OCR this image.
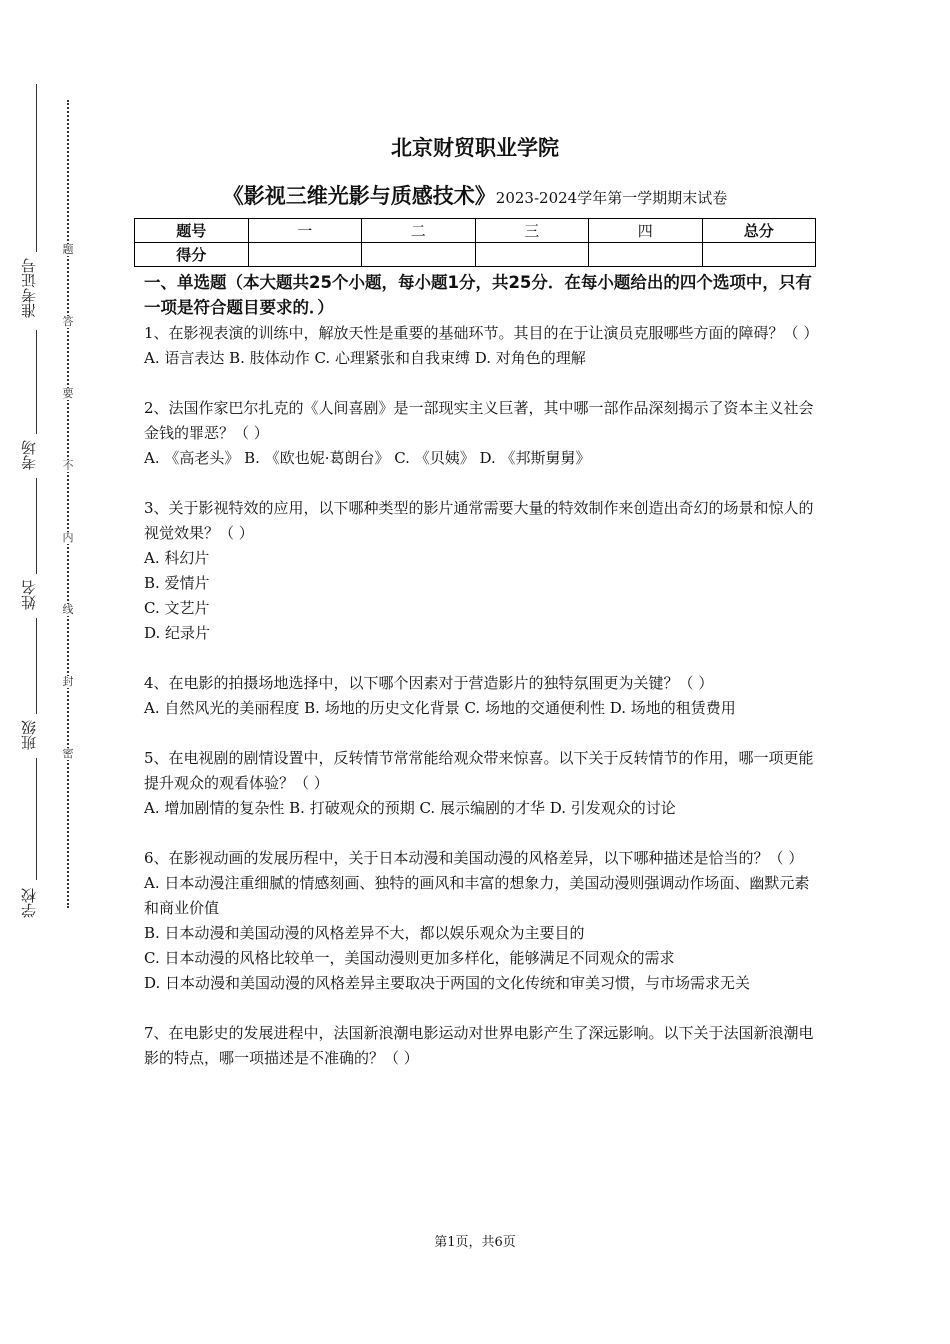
准考证号
考场
姓名
班级
学校
题
答
要
不
内
线
封
密
北京财贸职业学院
《影视三维光影与质感技术》2023-2024学年第一学期期末试卷
题号	一	二	三	四	总分
得分					
一、单选题（本大题共25个小题，每小题1分，共25分．在每小题给出的四个选项中，只有一项是符合题目要求的．）

1、在影视表演的训练中，解放天性是重要的基础环节。其目的在于让演员克服哪些方面的障碍？（ ）

A. 语言表达 B. 肢体动作 C. 心理紧张和自我束缚 D. 对角色的理解

2、法国作家巴尔扎克的《人间喜剧》是一部现实主义巨著，其中哪一部作品深刻揭示了资本主义社会金钱的罪恶？（ ）

A. 《高老头》 B. 《欧也妮·葛朗台》 C. 《贝姨》 D. 《邦斯舅舅》

3、关于影视特效的应用，以下哪种类型的影片通常需要大量的特效制作来创造出奇幻的场景和惊人的视觉效果？（ ）

A. 科幻片

B. 爱情片

C. 文艺片

D. 纪录片

4、在电影的拍摄场地选择中，以下哪个因素对于营造影片的独特氛围更为关键？（ ）

A. 自然风光的美丽程度 B. 场地的历史文化背景 C. 场地的交通便利性 D. 场地的租赁费用

5、在电视剧的剧情设置中，反转情节常常能给观众带来惊喜。以下关于反转情节的作用，哪一项更能提升观众的观看体验？（ ）

A. 增加剧情的复杂性 B. 打破观众的预期 C. 展示编剧的才华 D. 引发观众的讨论

6、在影视动画的发展历程中，关于日本动漫和美国动漫的风格差异，以下哪种描述是恰当的？（ ）

A. 日本动漫注重细腻的情感刻画、独特的画风和丰富的想象力，美国动漫则强调动作场面、幽默元素和商业价值

B. 日本动漫和美国动漫的风格差异不大，都以娱乐观众为主要目的

C. 日本动漫的风格比较单一，美国动漫则更加多样化，能够满足不同观众的需求

D. 日本动漫和美国动漫的风格差异主要取决于两国的文化传统和审美习惯，与市场需求无关

7、在电影史的发展进程中，法国新浪潮电影运动对世界电影产生了深远影响。以下关于法国新浪潮电影的特点，哪一项描述是不准确的？（ ）

第1页，共6页
